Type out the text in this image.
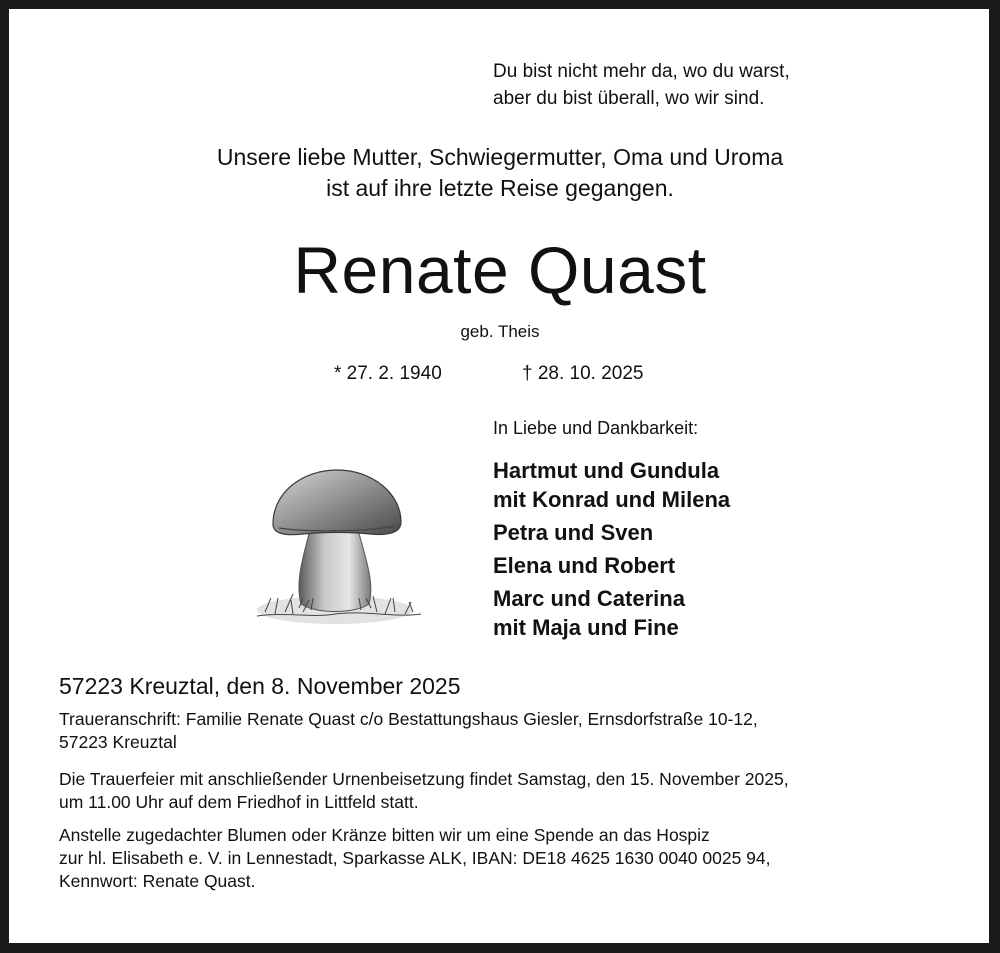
Du bist nicht mehr da, wo du warst,
aber du bist überall, wo wir sind.
Unsere liebe Mutter, Schwiegermutter, Oma und Uroma
ist auf ihre letzte Reise gegangen.
Renate Quast
geb. Theis
* 27. 2. 1940	† 28. 10. 2025
In Liebe und Dankbarkeit:
Hartmut und Gundula
mit Konrad und Milena
Petra und Sven
Elena und Robert
Marc und Caterina
mit Maja und Fine
57223 Kreuztal, den 8. November 2025
Traueranschrift: Familie Renate Quast c/o Bestattungshaus Giesler, Ernsdorfstraße 10-12,
57223 Kreuztal
Die Trauerfeier mit anschließender Urnenbeisetzung findet Samstag, den 15. November 2025,
um 11.00 Uhr auf dem Friedhof in Littfeld statt.
Anstelle zugedachter Blumen oder Kränze bitten wir um eine Spende an das Hospiz
zur hl. Elisabeth e. V. in Lennestadt, Sparkasse ALK, IBAN: DE18 4625 1630 0040 0025 94,
Kennwort: Renate Quast.
